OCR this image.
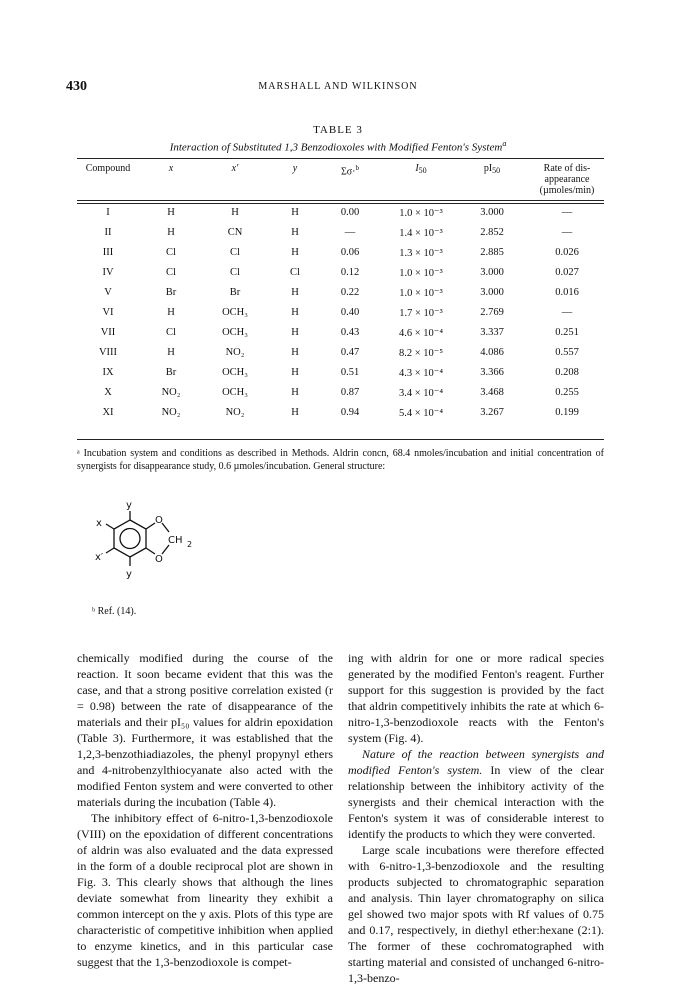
430	MARSHALL AND WILKINSON
TABLE 3
Interaction of Substituted 1,3 Benzodioxoles with Modified Fenton's System$^a$
Compound	x	x′	y	Σσ·$^b$	$I_{50}$	$pI_{50}$	Rate of dis-
appearance
(µmoles/min)
I	H	H	H	0.00	1.0 × 10⁻³	3.000	—
II	H	CN	H	—	1.4 × 10⁻³	2.852	—
III	Cl	Cl	H	0.06	1.3 × 10⁻³	2.885	0.026
IV	Cl	Cl	Cl	0.12	1.0 × 10⁻³	3.000	0.027
V	Br	Br	H	0.22	1.0 × 10⁻³	3.000	0.016
VI	H	OCH₃	H	0.40	1.7 × 10⁻³	2.769	—
VII	Cl	OCH₃	H	0.43	4.6 × 10⁻⁴	3.337	0.251
VIII	H	NO₂	H	0.47	8.2 × 10⁻⁵	4.086	0.557
IX	Br	OCH₃	H	0.51	4.3 × 10⁻⁴	3.366	0.208
X	NO₂	OCH₃	H	0.87	3.4 × 10⁻⁴	3.468	0.255
XI	NO₂	NO₂	H	0.94	5.4 × 10⁻⁴	3.267	0.199

ᵃ Incubation system and conditions as described in Methods. Aldrin concn, 68.4 nmoles/incubation and initial concentration of synergists for disappearance study, 0.6 µmoles/incubation. General structure:

y
x
x′
y
O
O
CH 2
ᵇ Ref. (14).

chemically modified during the course of the reaction. It soon became evident that this was the case, and that a strong positive correlation existed (r = 0.98) between the rate of disappearance of the materials and their pI₅₀ values for aldrin epoxidation (Table 3). Furthermore, it was established that the 1,2,3-benzothiadiazoles, the phenyl propynyl ethers and 4-nitrobenzylthiocyanate also acted with the modified Fenton system and were converted to other materials during the incubation (Table 4).

The inhibitory effect of 6-nitro-1,3-benzodioxole (VIII) on the epoxidation of different concentrations of aldrin was also evaluated and the data expressed in the form of a double reciprocal plot are shown in Fig. 3. This clearly shows that although the lines deviate somewhat from linearity they exhibit a common intercept on the y axis. Plots of this type are characteristic of competitive inhibition when applied to enzyme kinetics, and in this particular case suggest that the 1,3-benzodioxole is compet-

ing with aldrin for one or more radical species generated by the modified Fenton's reagent. Further support for this suggestion is provided by the fact that aldrin competitively inhibits the rate at which 6-nitro-1,3-benzodioxole reacts with the Fenton's system (Fig. 4).

Nature of the reaction between synergists and modified Fenton's system. In view of the clear relationship between the inhibitory activity of the synergists and their chemical interaction with the Fenton's system it was of considerable interest to identify the products to which they were converted.

Large scale incubations were therefore effected with 6-nitro-1,3-benzodioxole and the resulting products subjected to chromatographic separation and analysis. Thin layer chromatography on silica gel showed two major spots with Rf values of 0.75 and 0.17, respectively, in diethyl ether:hexane (2:1). The former of these cochromatographed with starting material and consisted of unchanged 6-nitro-1,3-benzo-
